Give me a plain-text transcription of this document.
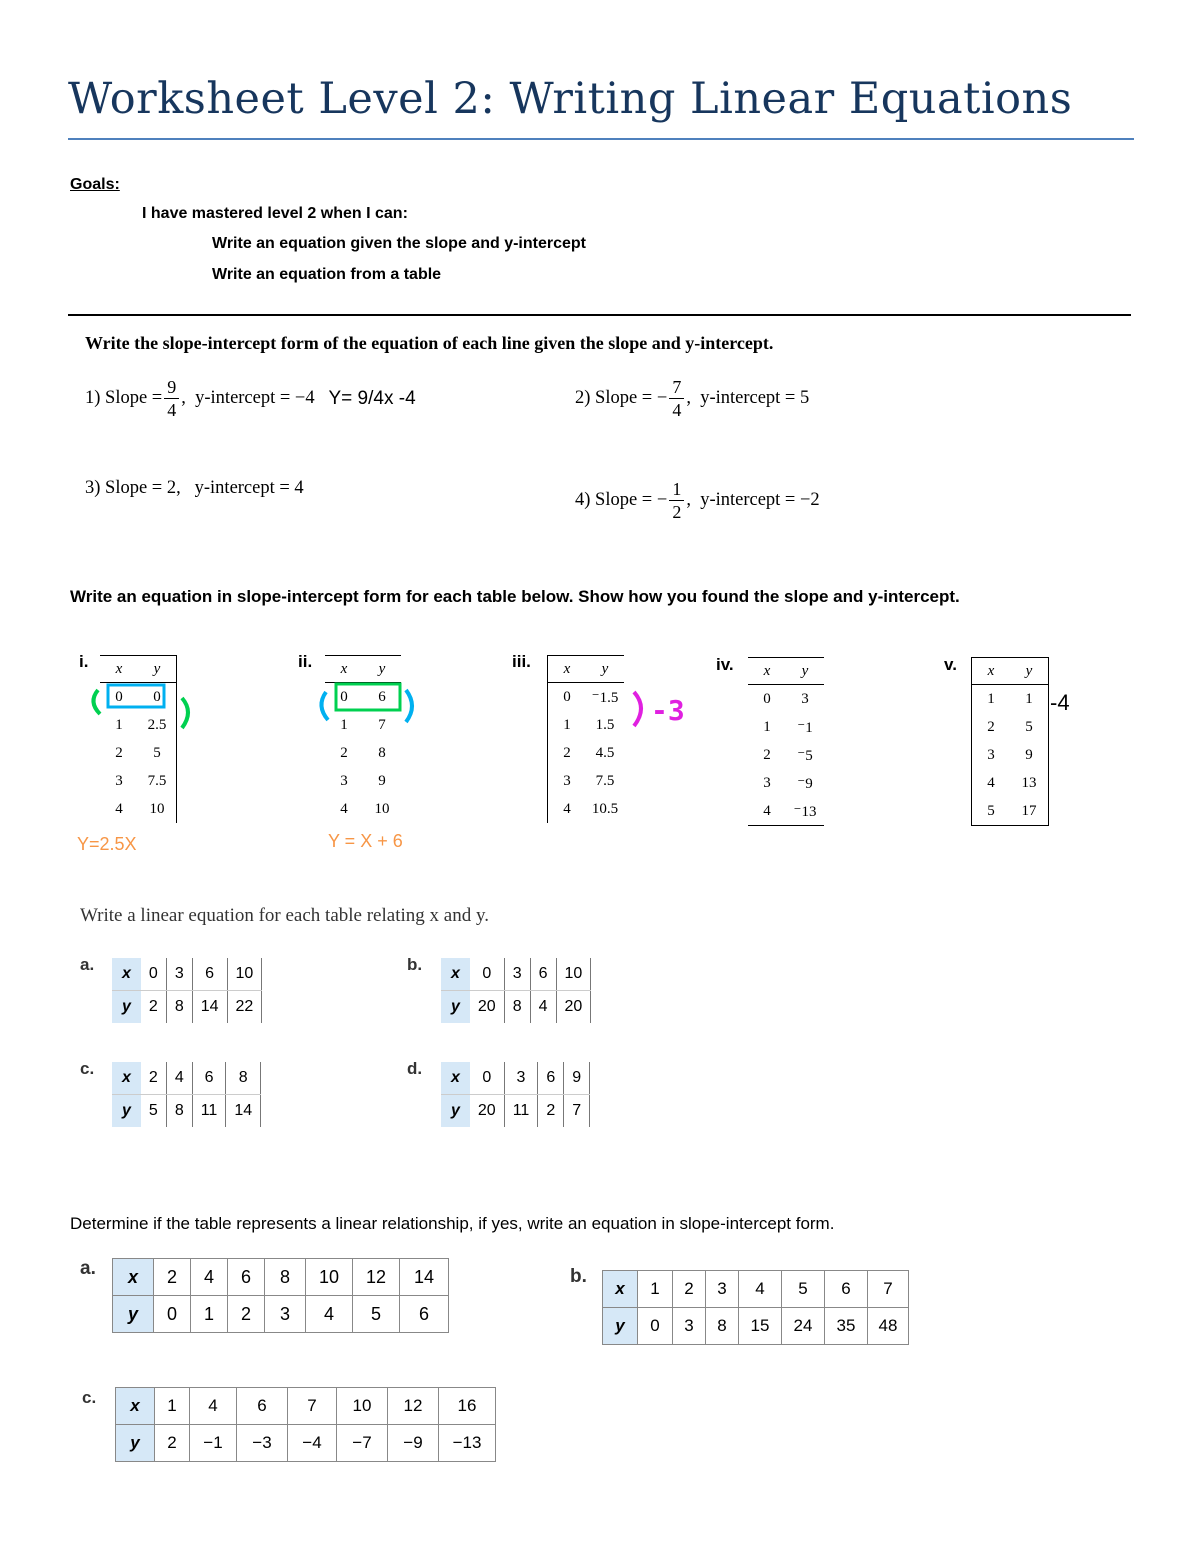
Worksheet Level 2: Writing Linear Equations
Goals:
I have mastered level 2 when I can:
Write an equation given the slope and y-intercept
Write an equation from a table
Write the slope-intercept form of the equation of each line given the slope and y-intercept.
1)
Slope = $\frac{9}{4}$ ,
y-intercept = −4
Y= 9/4x -4	2)
Slope =
− $\frac{7}{4}$ ,
y-intercept = 5
3)
Slope = 2,
y-intercept = 4
4)
Slope =
− $\frac{1}{2}$ ,
y-intercept = −2
Write an equation in slope-intercept form for each table below. Show how you found the slope and y-intercept.
i. x	y
0	0
1	2.5
2	5
3	7.5
4	10
Y=2.5X
ii. x	y
0	6
1	7
2	8
3	9
4	10
Y = X + 6
iii. x	y
0	⁻1.5
1	1.5
2	4.5
3	7.5
4	10.5
-3
iv. x	y
0	3
1	⁻1
2	⁻5
3	⁻9
4	⁻13
v. x	y
1	1
2	5
3	9
4	13
5	17
-4
Write a linear equation for each table relating x and y.
a. x	0	3	6	10
y	2	8	14	22
b. x	0	3	6	10
y	20	8	4	20
c. x	2	4	6	8
y	5	8	11	14
d. x	0	3	6	9
y	20	11	2	7
Determine if the table represents a linear relationship, if yes, write an equation in slope-intercept form.
a. x	2	4	6	8	10	12	14
y	0	1	2	3	4	5	6
b.
x	1	2	3	4	5	6	7
y	0	3	8	15	24	35	48
c. x	1	4	6	7	10	12	16
y	2	−1	−3	−4	−7	−9	−13
